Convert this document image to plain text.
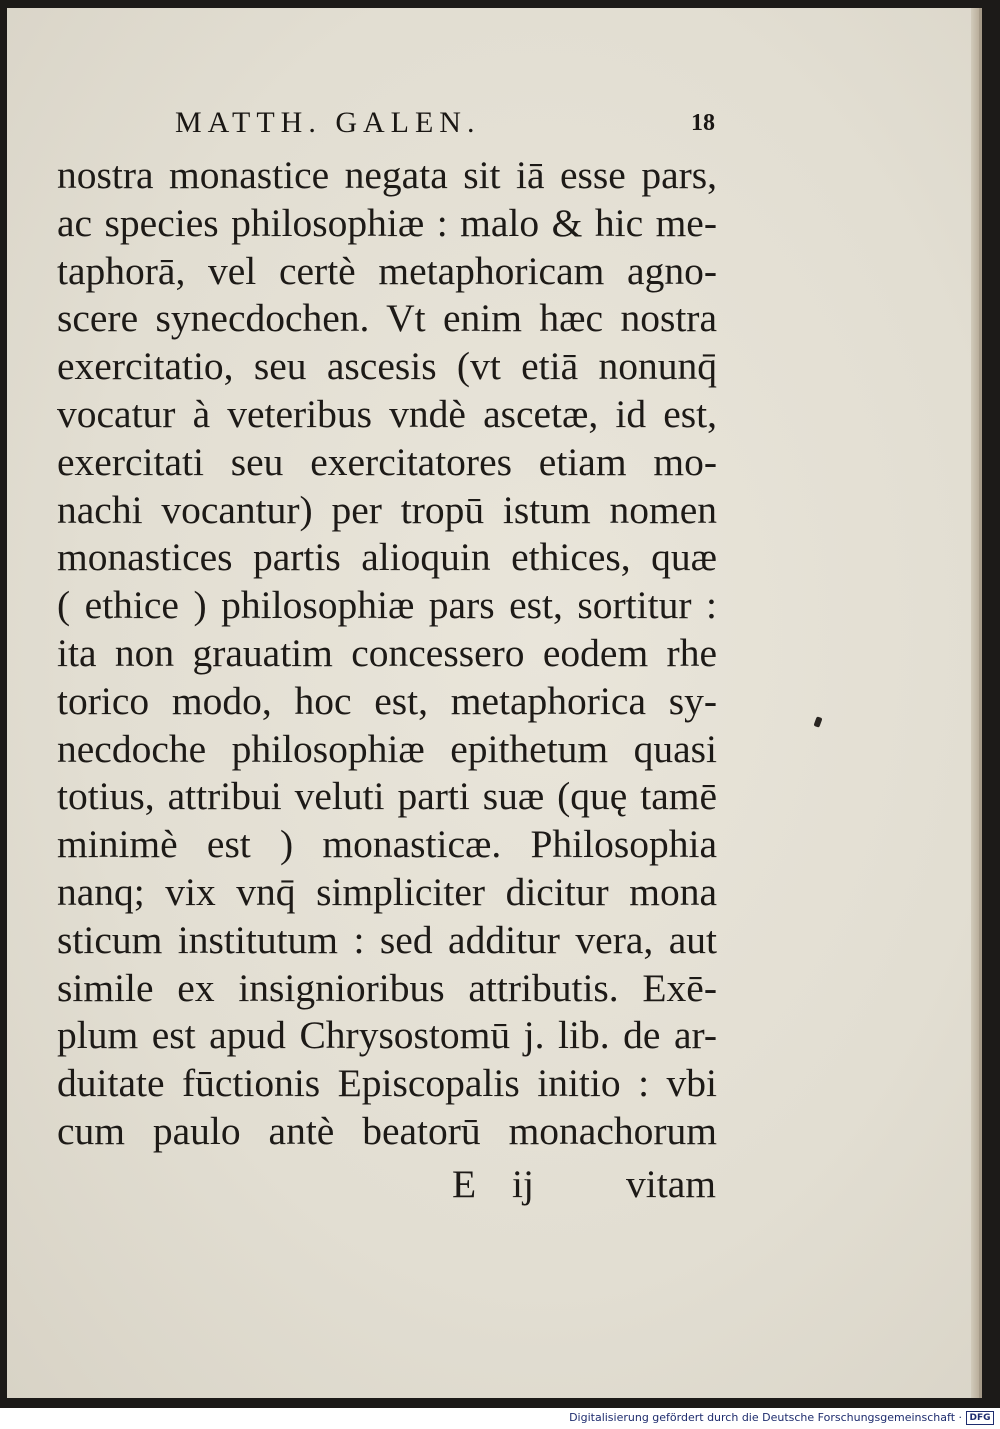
MATTH. GALEN.	18
nostra monastice negata sit iā esse pars,
ac species philosophiæ : malo & hic me-
taphorā, vel certè metaphoricam agno-
scere synecdochen. Vt enim hæc nostra
exercitatio, seu ascesis (vt etiā nonunq̄
vocatur à veteribus vndè ascetæ, id est,
exercitati seu exercitatores etiam mo-
nachi vocantur) per tropū istum nomen
monastices partis alioquin ethices, quæ
( ethice ) philosophiæ pars est, sortitur :
ita non grauatim concessero eodem rhe
torico modo, hoc est, metaphorica sy-
necdoche philosophiæ epithetum quasi
totius, attribui veluti parti suæ (quę tamē
minimè est ) monasticæ. Philosophia
nanq; vix vnq̄ simpliciter dicitur mona
sticum institutum : sed additur vera, aut
simile ex insignioribus attributis. Exē-
plum est apud Chrysostomū j. lib. de ar-
duitate fūctionis Episcopalis initio : vbi
cum paulo antè beatorū monachorum
E ij vitam
Digitalisierung gefördert durch die Deutsche Forschungsgemeinschaft · DFG
